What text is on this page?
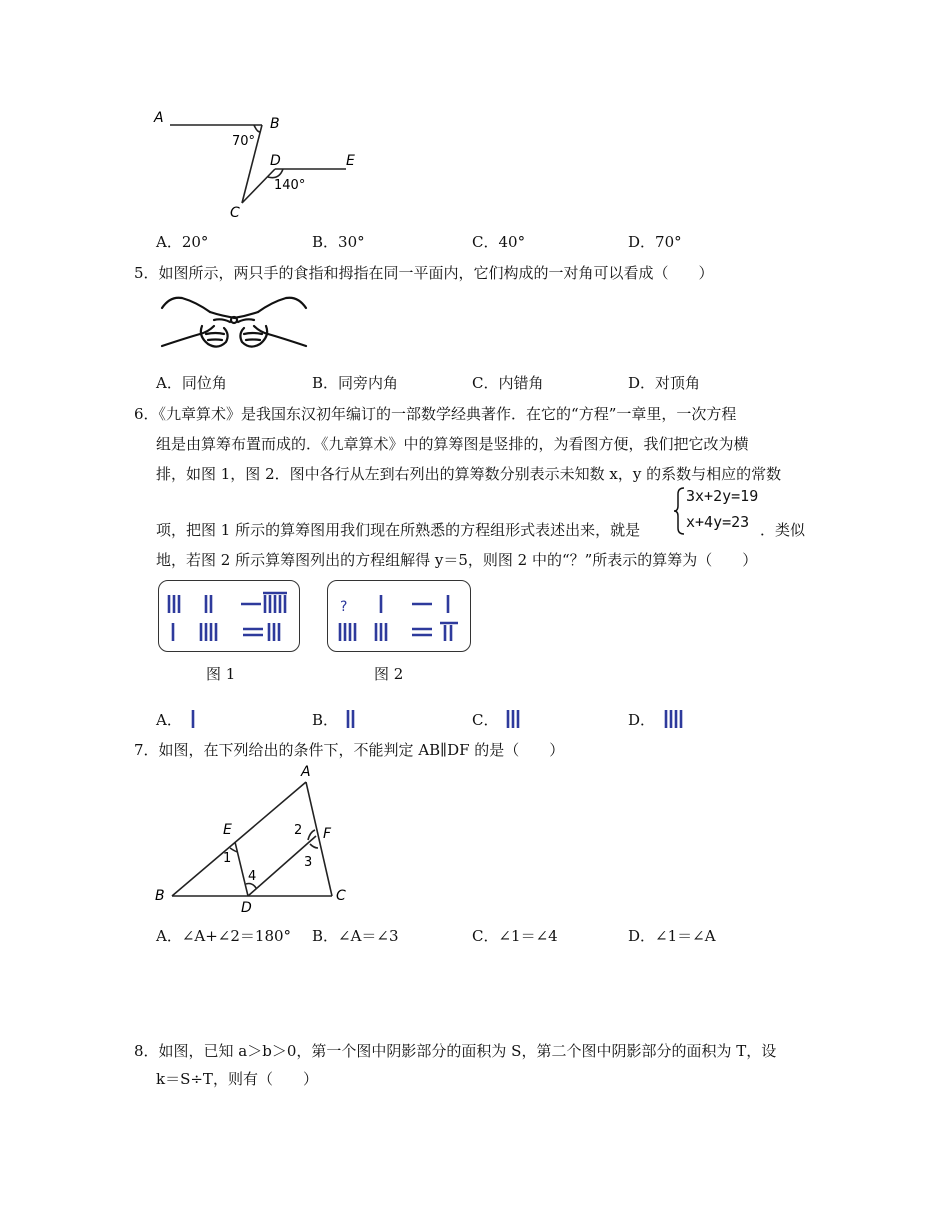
A	B
C
D	E
70°
140°
A．20°	B．30°	C．40°	D．70°
5．如图所示，两只手的食指和拇指在同一平面内，它们构成的一对角可以看成（　　）
A．同位角	B．同旁内角	C．内错角	D．对顶角
6．《九章算术》是我国东汉初年编订的一部数学经典著作．在它的“方程”一章里，一次方程
组是由算筹布置而成的．《九章算术》中的算筹图是竖排的，为看图方便，我们把它改为横
排，如图 1，图 2．图中各行从左到右列出的算筹数分别表示未知数 x，y 的系数与相应的常数
项，把图 1 所示的算筹图用我们现在所熟悉的方程组形式表述出来，就是
3x+2y=19
x+4y=23 ．类似
地，若图 2 所示算筹图列出的方程组解得 y＝5，则图 2 中的“？”所表示的算筹为（　　）
图 1
?
图 2
A．	B．	C．	D．
7．如图，在下列给出的条件下，不能判定 AB∥DF 的是（　　）
A
B	C
D
E	F
1
2
3
4
A．∠A+∠2＝180° B．∠A＝∠3	C．∠1＝∠4	D．∠1＝∠A
8．如图，已知 a＞b＞0，第一个图中阴影部分的面积为 S，第二个图中阴影部分的面积为 T，设
k＝S÷T，则有（　　）
